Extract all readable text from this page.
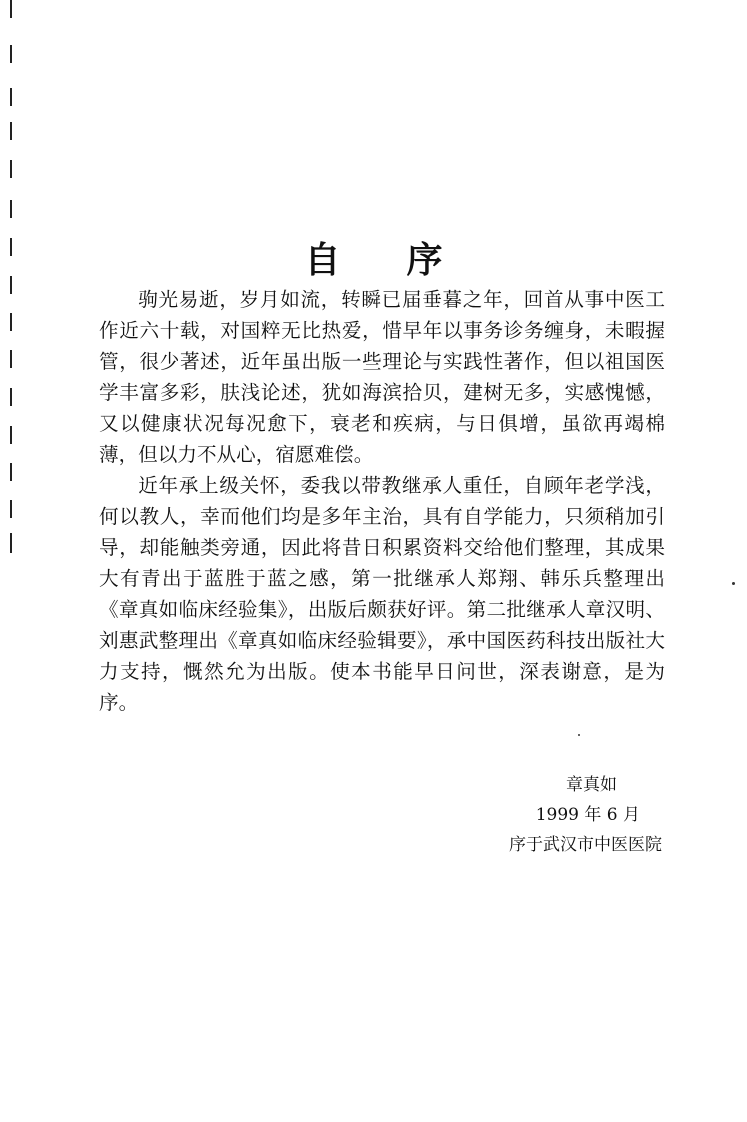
自 序

驹光易逝，岁月如流，转瞬已届垂暮之年，回首从事中医工作近六十载，对国粹无比热爱，惜早年以事务诊务缠身，未暇握管，很少著述，近年虽出版一些理论与实践性著作，但以祖国医学丰富多彩，肤浅论述，犹如海滨拾贝，建树无多，实感愧憾，又以健康状况每况愈下，衰老和疾病，与日俱增，虽欲再竭棉薄，但以力不从心，宿愿难偿。

近年承上级关怀，委我以带教继承人重任，自顾年老学浅，何以教人，幸而他们均是多年主治，具有自学能力，只须稍加引导，却能触类旁通，因此将昔日积累资料交给他们整理，其成果大有青出于蓝胜于蓝之感，第一批继承人郑翔、韩乐兵整理出《章真如临床经验集》，出版后颇获好评。第二批继承人章汉明、刘惠武整理出《章真如临床经验辑要》，承中国医药科技出版社大力支持，慨然允为出版。使本书能早日问世，深表谢意，是为序。

章真如
1999 年 6 月
序于武汉市中医医院
